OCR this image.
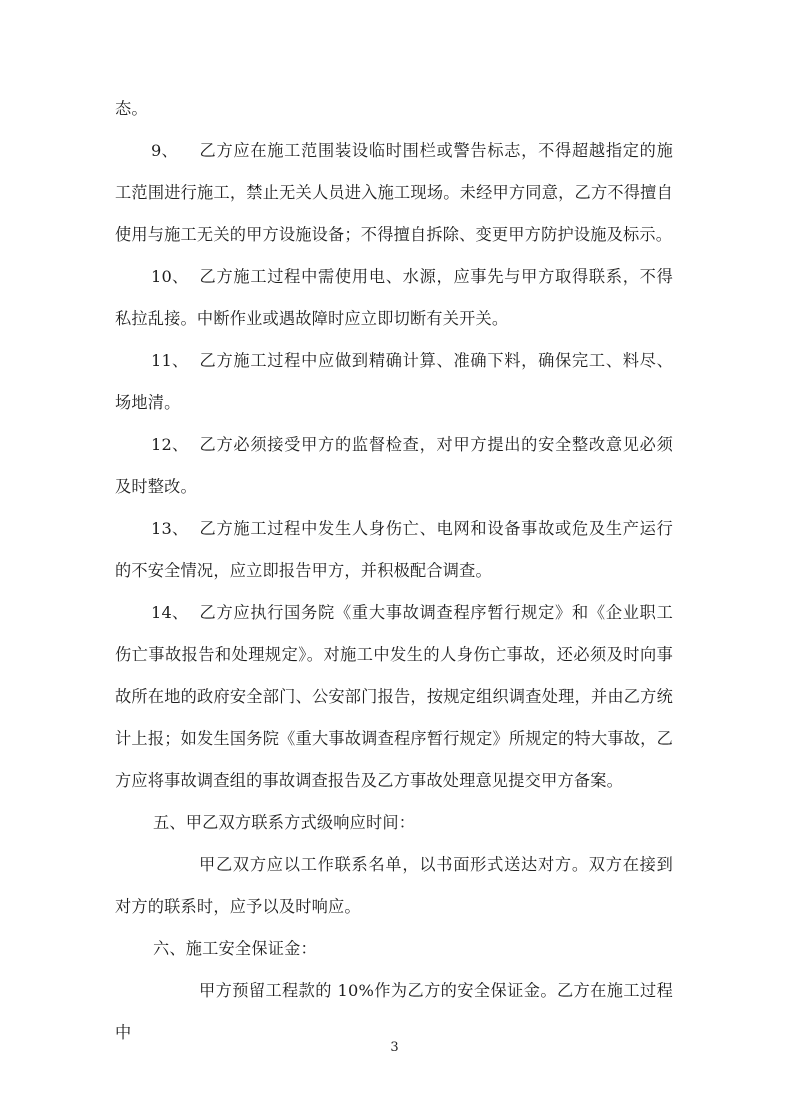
态。

9、 乙方应在施工范围装设临时围栏或警告标志，不得超越指定的施工范围进行施工，禁止无关人员进入施工现场。未经甲方同意，乙方不得擅自使用与施工无关的甲方设施设备；不得擅自拆除、变更甲方防护设施及标示。

10、 乙方施工过程中需使用电、水源，应事先与甲方取得联系，不得私拉乱接。中断作业或遇故障时应立即切断有关开关。

11、 乙方施工过程中应做到精确计算、准确下料，确保完工、料尽、场地清。

12、 乙方必须接受甲方的监督检查，对甲方提出的安全整改意见必须及时整改。

13、 乙方施工过程中发生人身伤亡、电网和设备事故或危及生产运行的不安全情况，应立即报告甲方，并积极配合调查。

14、 乙方应执行国务院《重大事故调查程序暂行规定》和《企业职工伤亡事故报告和处理规定》。对施工中发生的人身伤亡事故，还必须及时向事故所在地的政府安全部门、公安部门报告，按规定组织调查处理，并由乙方统计上报；如发生国务院《重大事故调查程序暂行规定》所规定的特大事故，乙方应将事故调查组的事故调查报告及乙方事故处理意见提交甲方备案。

五、甲乙双方联系方式级响应时间：

甲乙双方应以工作联系名单，以书面形式送达对方。双方在接到对方的联系时，应予以及时响应。

六、施工安全保证金：

甲方预留工程款的 10%作为乙方的安全保证金。乙方在施工过程中

3
